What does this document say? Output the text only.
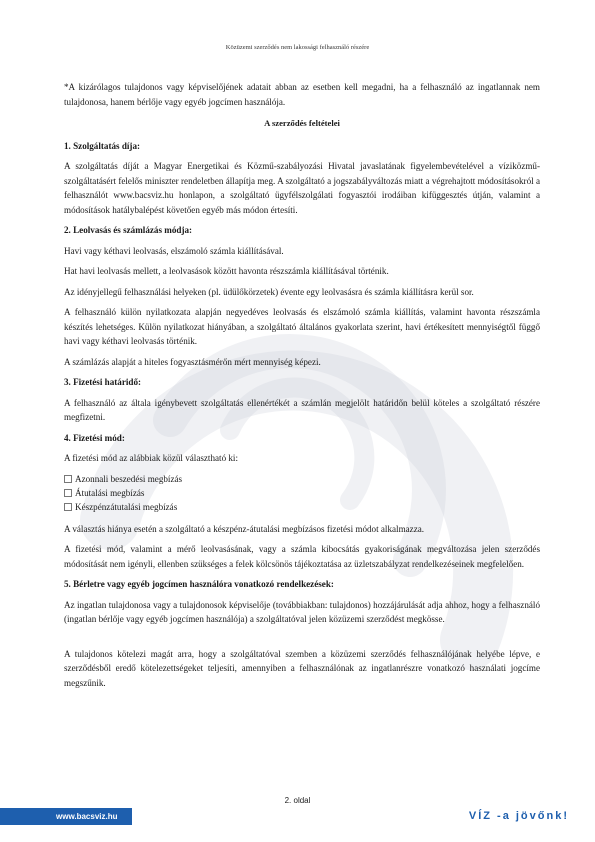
Közüzemi szerződés nem lakossági felhasználó részére

*A kizárólagos tulajdonos vagy képviselőjének adatait abban az esetben kell megadni, ha a felhasználó az ingatlannak nem tulajdonosa, hanem bérlője vagy egyéb jogcímen használója.

A szerződés feltételei
1. Szolgáltatás díja:

A szolgáltatás díját a Magyar Energetikai és Közmű-szabályozási Hivatal javaslatának figyelembevételével a víziközmű-szolgáltatásért felelős miniszter rendeletben állapítja meg. A szolgáltató a jogszabályváltozás miatt a végrehajtott módosításokról a felhasználót www.bacsviz.hu honlapon, a szolgáltató ügyfélszolgálati fogyasztói irodáiban kifüggesztés útján, valamint a módosítások hatálybalépést követően egyéb más módon értesíti.

2. Leolvasás és számlázás módja:

Havi vagy kéthavi leolvasás, elszámoló számla kiállításával.

Hat havi leolvasás mellett, a leolvasások között havonta részszámla kiállításával történik.

Az idényjellegű felhasználási helyeken (pl. üdülőkörzetek) évente egy leolvasásra és számla kiállításra kerül sor.

A felhasználó külön nyilatkozata alapján negyedéves leolvasás és elszámoló számla kiállítás, valamint havonta részszámla készítés lehetséges. Külön nyilatkozat hiányában, a szolgáltató általános gyakorlata szerint, havi értékesített mennyiségtől függő havi vagy kéthavi leolvasás történik.

A számlázás alapját a hiteles fogyasztásmérőn mért mennyiség képezi.

3. Fizetési határidő:

A felhasználó az általa igénybevett szolgáltatás ellenértékét a számlán megjelölt határidőn belül köteles a szolgáltató részére megfizetni.

4. Fizetési mód:

A fizetési mód az alábbiak közül választható ki:

Azonnali beszedési megbízás
Átutalási megbízás
Készpénzátutalási megbízás

A választás hiánya esetén a szolgáltató a készpénz-átutalási megbízásos fizetési módot alkalmazza.

A fizetési mód, valamint a mérő leolvasásának, vagy a számla kibocsátás gyakoriságának megváltozása jelen szerződés módosítását nem igényli, ellenben szükséges a felek kölcsönös tájékoztatása az üzletszabályzat rendelkezéseinek megfelelően.

5. Bérletre vagy egyéb jogcímen használóra vonatkozó rendelkezések:

Az ingatlan tulajdonosa vagy a tulajdonosok képviselője (továbbiakban: tulajdonos) hozzájárulását adja ahhoz, hogy a felhasználó (ingatlan bérlője vagy egyéb jogcímen használója) a szolgáltatóval jelen közüzemi szerződést megkösse.

A tulajdonos kötelezi magát arra, hogy a szolgáltatóval szemben a közüzemi szerződés felhasználójának helyébe lépve, e szerződésből eredő kötelezettségeket teljesíti, amennyiben a felhasználónak az ingatlanrészre vonatkozó használati jogcíme megszűnik.

2. oldal
www.bacsviz.hu	VÍZ -a jövőnk!
